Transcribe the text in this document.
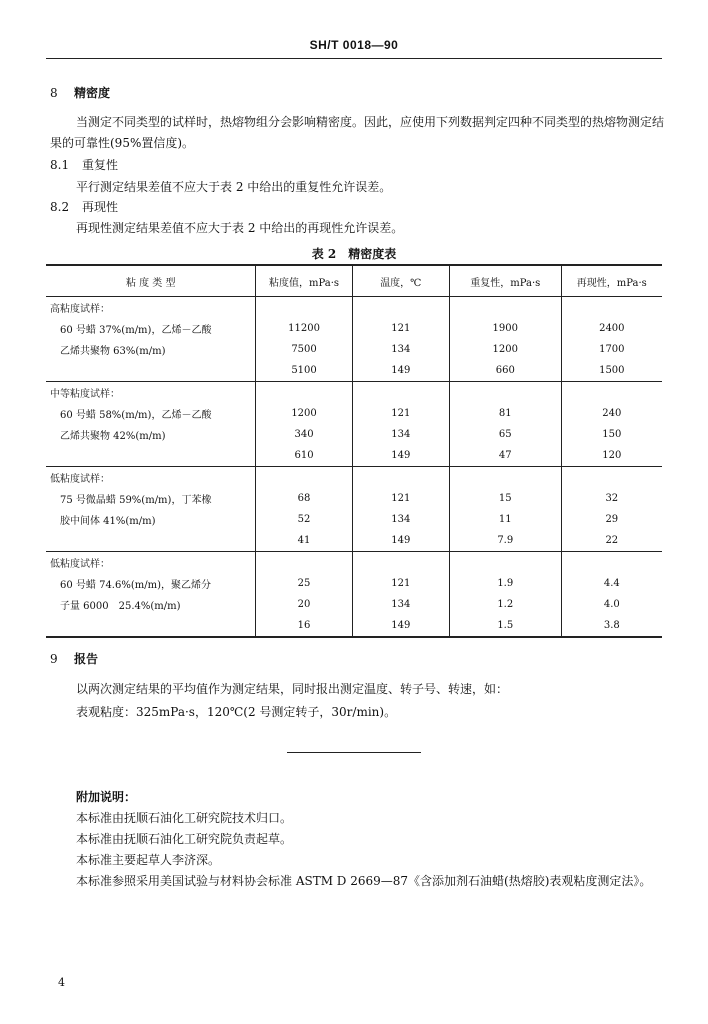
SH/T 0018—90
8 精密度
当测定不同类型的试样时，热熔物组分会影响精密度。因此，应使用下列数据判定四种不同类型的热熔物测定结果的可靠性(95%置信度)。
8.1 重复性
平行测定结果差值不应大于表 2 中给出的重复性允许误差。
8.2 再现性
再现性测定结果差值不应大于表 2 中给出的再现性允许误差。
表 2　精密度表
粘 度 类 型	粘度值，mPa·s	温度，℃	重复性，mPa·s	再现性，mPa·s
高粘度试样：				
60 号蜡 37%(m/m)，乙烯－乙酸	11200	121	1900	2400
乙烯共聚物 63%(m/m)	7500	134	1200	1700
	5100	149	660	1500
中等粘度试样：				
60 号蜡 58%(m/m)，乙烯－乙酸	1200	121	81	240
乙烯共聚物 42%(m/m)	340	134	65	150
	610	149	47	120
低粘度试样：				
75 号微晶蜡 59%(m/m)，丁苯橡	68	121	15	32
胶中间体 41%(m/m)	52	134	11	29
	41	149	7.9	22
低粘度试样：				
60 号蜡 74.6%(m/m)，聚乙烯分	25	121	1.9	4.4
子量 6000　25.4%(m/m)	20	134	1.2	4.0
	16	149	1.5	3.8
9 报告
以两次测定结果的平均值作为测定结果，同时报出测定温度、转子号、转速，如：
表观粘度：325mPa·s，120℃(2 号测定转子，30r/min)。
附加说明：
本标准由抚顺石油化工研究院技术归口。
本标准由抚顺石油化工研究院负责起草。
本标准主要起草人李济深。
本标准参照采用美国试验与材料协会标准 ASTM D 2669—87《含添加剂石油蜡(热熔胶)表观粘度测定法》。
4
